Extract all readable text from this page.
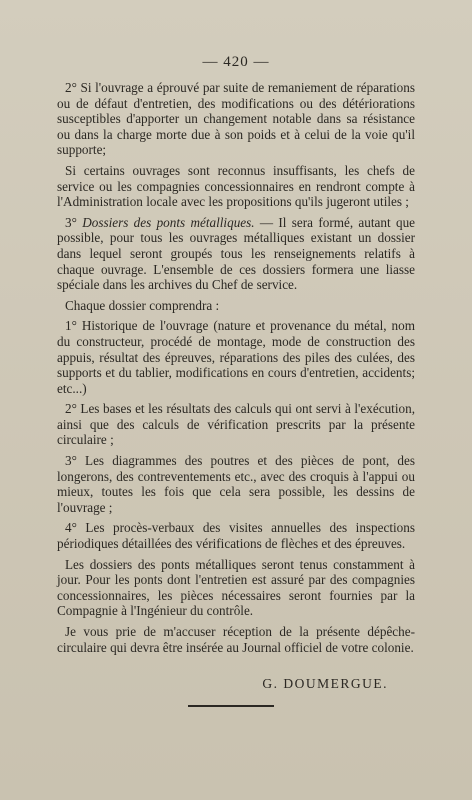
— 420 —

2° Si l'ouvrage a éprouvé par suite de remaniement de réparations ou de défaut d'entretien, des modifications ou des détériorations susceptibles d'apporter un changement notable dans sa résistance ou dans la charge morte due à son poids et à celui de la voie qu'il supporte;

Si certains ouvrages sont reconnus insuffisants, les chefs de service ou les compagnies concessionnaires en rendront compte à l'Administration locale avec les propositions qu'ils jugeront utiles ;

3° Dossiers des ponts métalliques. — Il sera formé, autant que possible, pour tous les ouvrages métalliques existant un dossier dans lequel seront groupés tous les renseignements relatifs à chaque ouvrage. L'ensemble de ces dossiers formera une liasse spéciale dans les archives du Chef de service.

Chaque dossier comprendra :

1° Historique de l'ouvrage (nature et provenance du métal, nom du constructeur, procédé de montage, mode de construction des appuis, résultat des épreuves, réparations des piles des culées, des supports et du tablier, modifications en cours d'entretien, accidents; etc...)

2° Les bases et les résultats des calculs qui ont servi à l'exécution, ainsi que des calculs de vérification prescrits par la présente circulaire ;

3° Les diagrammes des poutres et des pièces de pont, des longerons, des contreventements etc., avec des croquis à l'appui ou mieux, toutes les fois que cela sera possible, les dessins de l'ouvrage ;

4° Les procès-verbaux des visites annuelles des inspections périodiques détaillées des vérifications de flèches et des épreuves.

Les dossiers des ponts métalliques seront tenus constamment à jour. Pour les ponts dont l'entretien est assuré par des compagnies concessionnaires, les pièces nécessaires seront fournies par la Compagnie à l'Ingénieur du contrôle.

Je vous prie de m'accuser réception de la présente dépêche-circulaire qui devra être insérée au Journal officiel de votre colonie.

G. DOUMERGUE.
